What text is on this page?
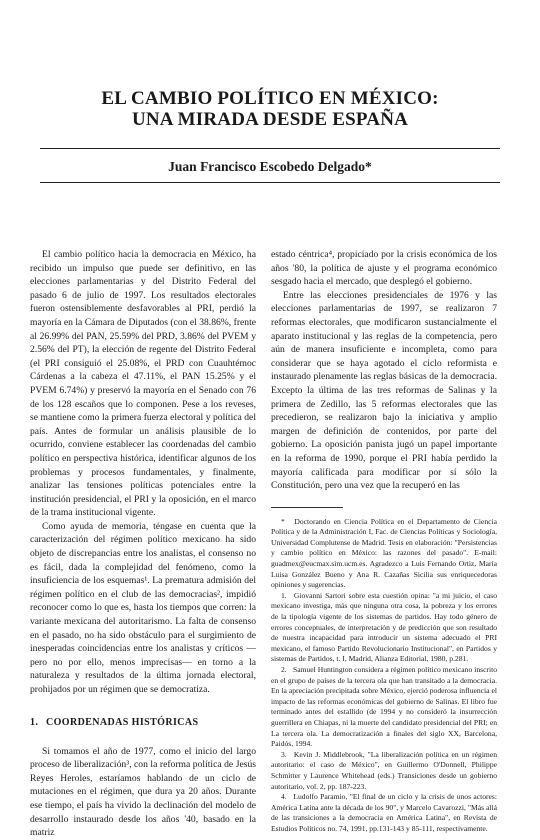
EL CAMBIO POLÍTICO EN MÉXICO:
UNA MIRADA DESDE ESPAÑA
Juan Francisco Escobedo Delgado*

El cambio político hacia la democracia en México, ha recibido un impulso que puede ser definitivo, en las elecciones parlamentarias y del Distrito Federal del pasado 6 de julio de 1997. Los resultados electorales fueron ostensiblemente desfavorables al PRI, perdió la mayoría en la Cámara de Diputados (con el 38.86%, frente al 26.99% del PAN, 25.59% del PRD, 3.86% del PVEM y 2.56% del PT), la elección de regente del Distrito Federal (el PRI consiguió el 25.08%, el PRD con Cuauhtémoc Cárdenas a la cabeza el 47.11%, el PAN 15.25% y el PVEM 6.74%) y preservó la mayoría en el Senado con 76 de los 128 escaños que lo componen. Pese a los reveses, se mantiene como la primera fuerza electoral y política del país. Antes de formular un análisis plausible de lo ocurrido, conviene establecer las coordenadas del cambio político en perspectiva histórica, identificar algunos de los problemas y procesos fundamentales, y finalmente, analizar las tensiones políticas potenciales entre la institución presidencial, el PRI y la oposición, en el marco de la trama institucional vigente.

Como ayuda de memoria, téngase en cuenta que la caracterización del régimen político mexicano ha sido objeto de discrepancias entre los analistas, el consenso no es fácil, dada la complejidad del fenómeno, como la insuficiencia de los esquemas¹. La prematura admisión del régimen político en el club de las democracias², impidió reconocer como lo que es, hasta los tiempos que corren: la variante mexicana del autoritarismo. La falta de consenso en el pasado, no ha sido obstáculo para el surgimiento de inesperadas coincidencias entre los analistas y críticos —pero no por ello, menos imprecisas— en torno a la naturaleza y resultados de la última jornada electoral, prohijados por un régimen que se democratiza.

1. COORDENADAS HISTÓRICAS

Si tomamos el año de 1977, como el inicio del largo proceso de liberalización³, con la reforma política de Jesús Reyes Heroles, estaríamos hablando de un ciclo de mutaciones en el régimen, que dura ya 20 años. Durante ese tiempo, el país ha vivido la declinación del modelo de desarrollo instaurado desde los años '40, basado en la matriz

estado céntrica⁴, propiciado por la crisis económica de los años '80, la política de ajuste y el programa económico sesgado hacia el mercado, que desplegó el gobierno.

Entre las elecciones presidenciales de 1976 y las elecciones parlamentarias de 1997, se realizaron 7 reformas electorales, que modificaron sustancialmente el aparato institucional y las reglas de la competencia, pero aún de manera insuficiente e incompleta, como para considerar que se haya agotado el ciclo reformista e instaurado plenamente las reglas básicas de la democracia. Excepto la última de las tres reformas de Salinas y la primera de Zedillo, las 5 reformas electorales que las precedieron, se realizaron bajo la iniciativa y amplio margen de definición de contenidos, por parte del gobierno. La oposición panista jugó un papel importante en la reforma de 1990, porque el PRI había perdido la mayoría calificada para modificar por sí sólo la Constitución, pero una vez que la recuperó en las

* Doctorando en Ciencia Política en el Departamento de Ciencia Política y de la Administración I, Fac. de Ciencias Políticas y Sociología, Universidad Complutense de Madrid. Tesis en elaboración: "Persistencias y cambio político en México: las razones del pasado". E-mail: guadmex@eucmax.sim.ucm.es. Agradezco a Luis Fernando Ortiz, María Luisa González Bueno y Ana R. Cazañas Sicilia sus enriquecedoras opiniones y sugerencias.

1. Giovanni Sartori sobre esta cuestión opina: "a mi juicio, el caso mexicano investiga, más que ninguna otra cosa, la pobreza y los errores de la tipología vigente de los sistemas de partidos. Hay todo género de errores conceptuales, de interpretación y de predicción que son resultado de nuestra incapacidad para introducir un sistema adecuado el PRI mexicano, el famoso Partido Revolucionario Institucional", en Partidos y sistemas de Partidos, t. I, Madrid, Alianza Editorial, 1980, p.281.

2. Samuel Huntington considera a régimen político mexicano inscrito en el grupo de países de la tercera ola que han transitado a la democracia. En la apreciación precipitada sobre México, ejerció poderosa influencia el impacto de las reformas económicas del gobierno de Salinas. El libro fue terminado antes del estallido (de 1994 y no consideró la insurrección guerrillera en Chiapas, ni la muerte del candidato presidencial del PRI; en La tercera ola. La democratización a finales del siglo XX, Barcelona, Paidós, 1994.

3. Kevin J. Middlebrook, "La liberalización política en un régimen autoritario: el caso de México", en Guillermo O'Donnell, Philippe Schmitter y Laurence Whitehead (eds.) Transiciones desde un gobierno autoritario, vol. 2, pp. 187-223.

4. Ludolfo Paramio, "El final de un ciclo y la crisis de unos actores: América Latina ante la década de los 90", y Marcelo Cavarozzi, "Más allá de las transiciones a la democracia en América Latina", en Revista de Estudios Políticos no. 74, 1991, pp.131-143 y 85-111, respectivamente.
